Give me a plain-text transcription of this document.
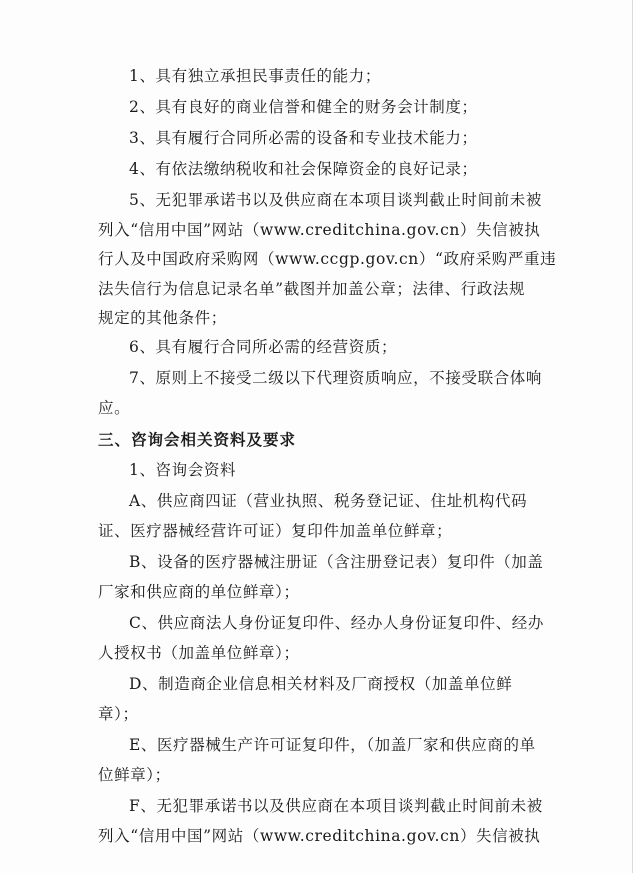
1、具有独立承担民事责任的能力；
2、具有良好的商业信誉和健全的财务会计制度；
3、具有履行合同所必需的设备和专业技术能力；
4、有依法缴纳税收和社会保障资金的良好记录；
5、无犯罪承诺书以及供应商在本项目谈判截止时间前未被
列入“信用中国”网站（www.creditchina.gov.cn）失信被执
行人及中国政府采购网（www.ccgp.gov.cn）“政府采购严重违
法失信行为信息记录名单”截图并加盖公章；法律、行政法规
规定的其他条件；
6、具有履行合同所必需的经营资质；
7、原则上不接受二级以下代理资质响应，不接受联合体响
应。
三、咨询会相关资料及要求
1、咨询会资料
A、供应商四证（营业执照、税务登记证、住址机构代码
证、医疗器械经营许可证）复印件加盖单位鲜章；
B、设备的医疗器械注册证（含注册登记表）复印件（加盖
厂家和供应商的单位鲜章）；
C、供应商法人身份证复印件、经办人身份证复印件、经办
人授权书（加盖单位鲜章）；
D、制造商企业信息相关材料及厂商授权（加盖单位鲜
章）；
E、医疗器械生产许可证复印件，（加盖厂家和供应商的单
位鲜章）；
F、无犯罪承诺书以及供应商在本项目谈判截止时间前未被
列入“信用中国”网站（www.creditchina.gov.cn）失信被执
